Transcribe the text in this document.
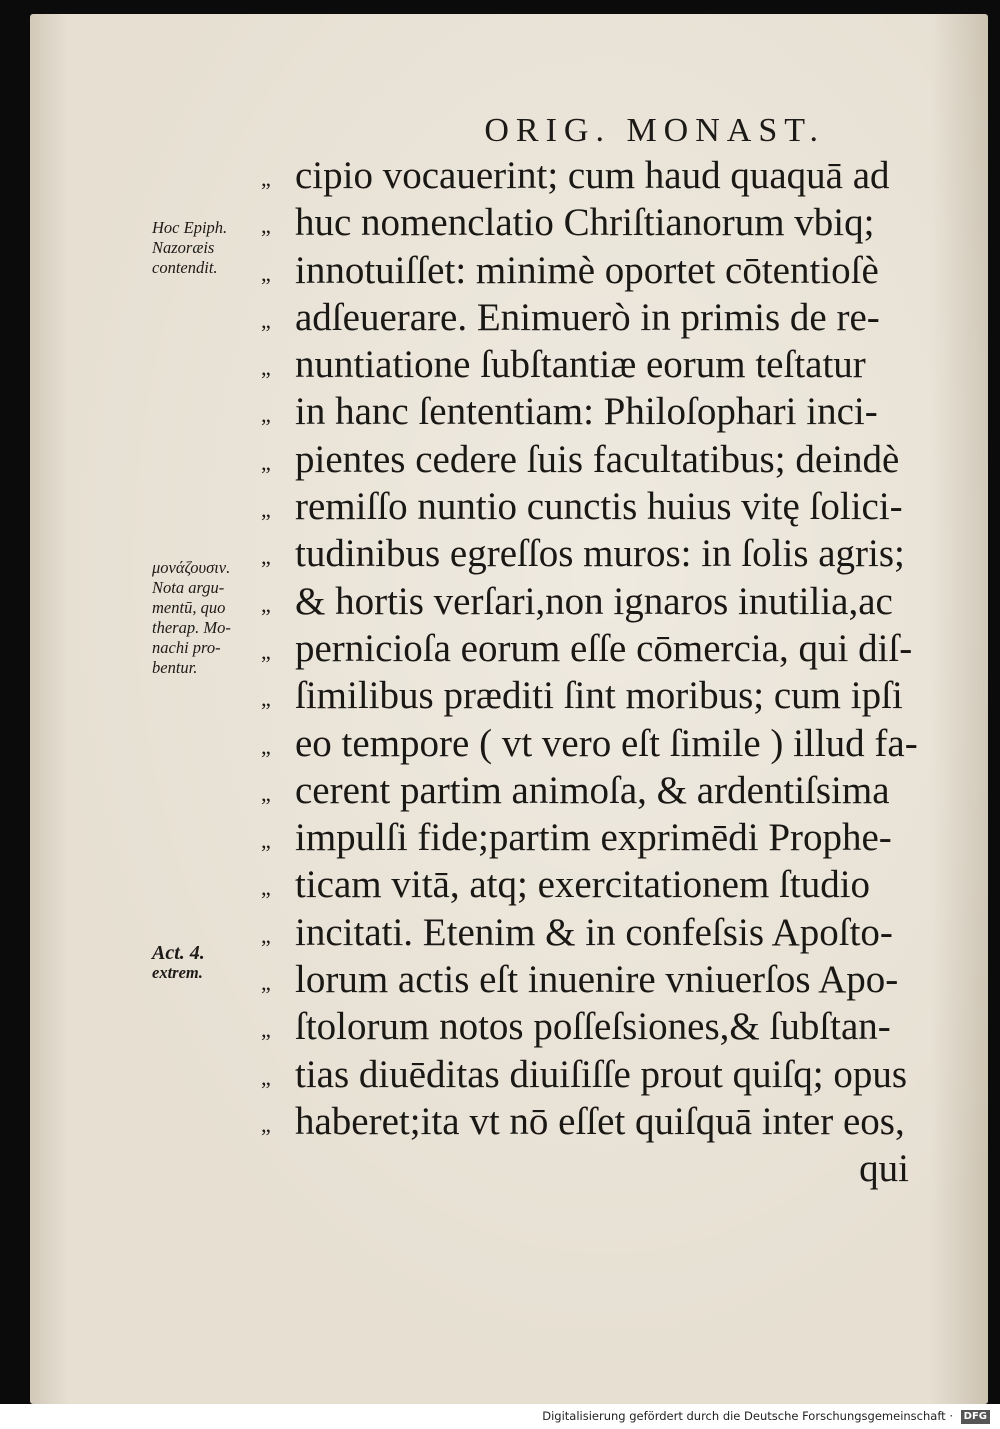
ORIG. MONAST.
Hoc Epiph.
Nazoræis
contendit.
μονάζουσιν.
Nota argu-
mentū, quo
therap. Mo-
nachi pro-
bentur.
Act. 4.
extrem.
„ cipio vocauerint; cum haud quaquā ad
„ huc nomenclatio Chriſtianorum vbiq;
„ innotuiſſet: minimè oportet cōtentioſè
„ adſeuerare. Enimuerò in primis de re-
„ nuntiatione ſubſtantiæ eorum teſtatur
„ in hanc ſententiam: Philoſophari inci-
„ pientes cedere ſuis facultatibus; deindè
„ remiſſo nuntio cunctis huius vitę ſolici-
„ tudinibus egreſſos muros: in ſolis agris;
„ & hortis verſari,non ignaros inutilia,ac
„ pernicioſa eorum eſſe cōmercia, qui diſ-
„ ſimilibus præditi ſint moribus; cum ipſi
„ eo tempore ( vt vero eſt ſimile ) illud fa-
„ cerent partim animoſa, & ardentiſsima
„ impulſi fide;partim exprimēdi Prophe-
„ ticam vitā, atq; exercitationem ſtudio
„ incitati. Etenim & in confeſsis Apoſto-
„ lorum actis eſt inuenire vniuerſos Apo-
„ ſtolorum notos poſſeſsiones,& ſubſtan-
„ tias diuēditas diuiſiſſe prout quiſq; opus
„ haberet;ita vt nō eſſet quiſquā inter eos,
qui
Digitalisierung gefördert durch die Deutsche Forschungsgemeinschaft · DFG
